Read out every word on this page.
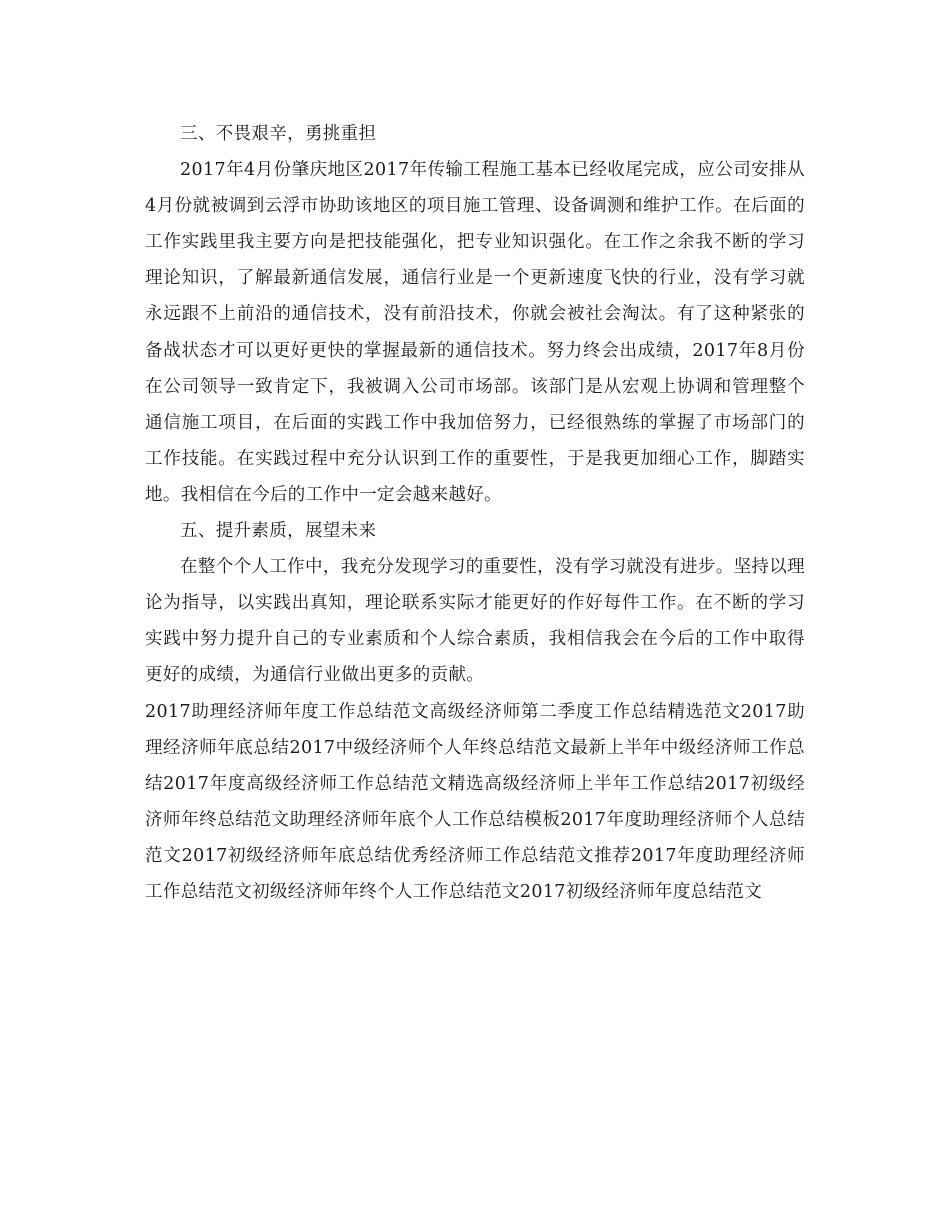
三、不畏艰辛，勇挑重担

2017年4月份肇庆地区2017年传输工程施工基本已经收尾完成，应公司安排从4月份就被调到云浮市协助该地区的项目施工管理、设备调测和维护工作。在后面的工作实践里我主要方向是把技能强化，把专业知识强化。在工作之余我不断的学习理论知识，了解最新通信发展，通信行业是一个更新速度飞快的行业，没有学习就永远跟不上前沿的通信技术，没有前沿技术，你就会被社会淘汰。有了这种紧张的备战状态才可以更好更快的掌握最新的通信技术。努力终会出成绩，2017年8月份在公司领导一致肯定下，我被调入公司市场部。该部门是从宏观上协调和管理整个通信施工项目，在后面的实践工作中我加倍努力，已经很熟练的掌握了市场部门的工作技能。在实践过程中充分认识到工作的重要性，于是我更加细心工作，脚踏实地。我相信在今后的工作中一定会越来越好。

五、提升素质，展望未来

在整个个人工作中，我充分发现学习的重要性，没有学习就没有进步。坚持以理论为指导，以实践出真知，理论联系实际才能更好的作好每件工作。在不断的学习实践中努力提升自己的专业素质和个人综合素质，我相信我会在今后的工作中取得更好的成绩，为通信行业做出更多的贡献。

2017助理经济师年度工作总结范文高级经济师第二季度工作总结精选范文2017助理经济师年底总结2017中级经济师个人年终总结范文最新上半年中级经济师工作总结2017年度高级经济师工作总结范文精选高级经济师上半年工作总结2017初级经济师年终总结范文助理经济师年底个人工作总结模板2017年度助理经济师个人总结范文2017初级经济师年底总结优秀经济师工作总结范文推荐2017年度助理经济师工作总结范文初级经济师年终个人工作总结范文2017初级经济师年度总结范文
